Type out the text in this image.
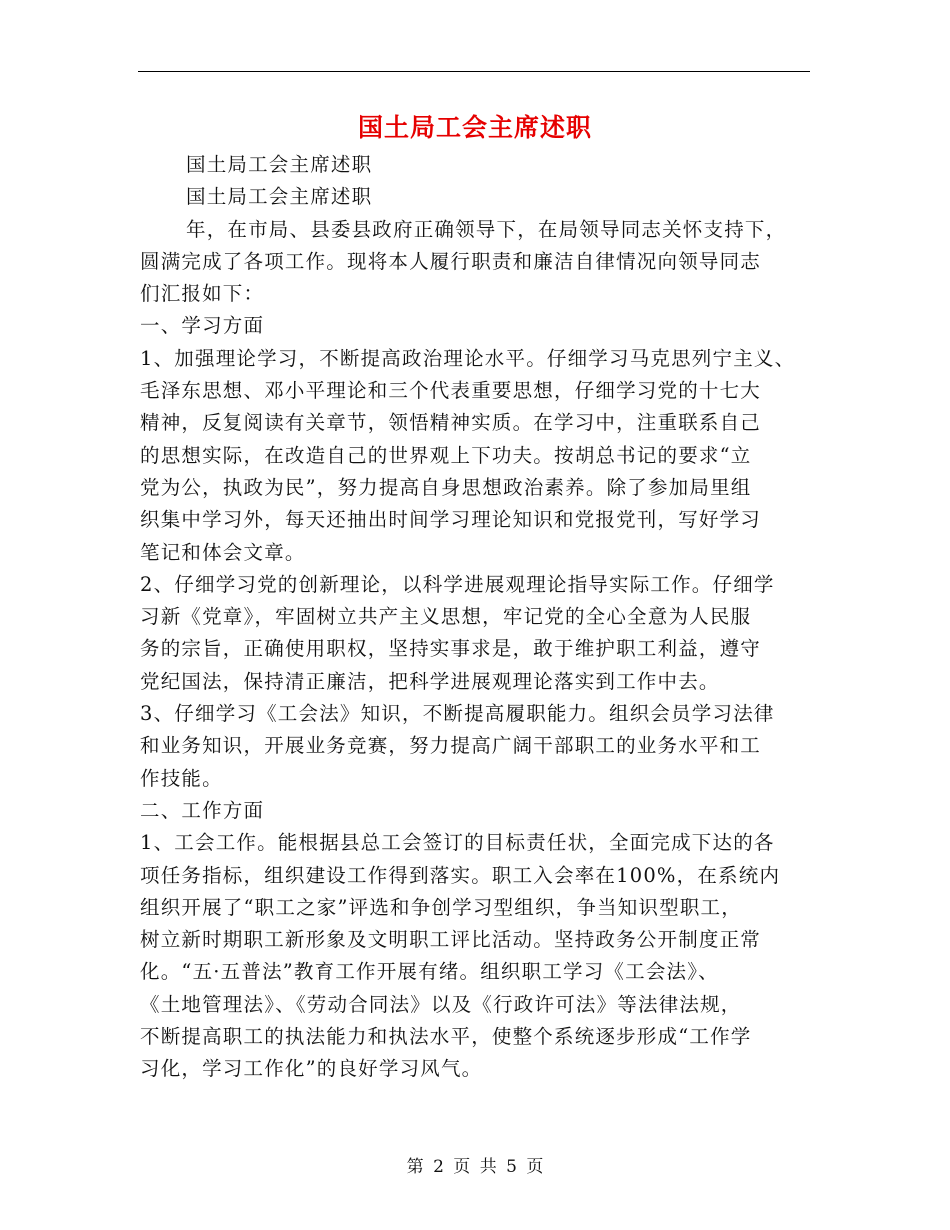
国土局工会主席述职
国土局工会主席述职
国土局工会主席述职
年，在市局、县委县政府正确领导下，在局领导同志关怀支持下，
圆满完成了各项工作。现将本人履行职责和廉洁自律情况向领导同志
们汇报如下：
一、学习方面
1、加强理论学习，不断提高政治理论水平。仔细学习马克思列宁主义、
毛泽东思想、邓小平理论和三个代表重要思想，仔细学习党的十七大
精神，反复阅读有关章节，领悟精神实质。在学习中，注重联系自己
的思想实际，在改造自己的世界观上下功夫。按胡总书记的要求“立
党为公，执政为民”，努力提高自身思想政治素养。除了参加局里组
织集中学习外，每天还抽出时间学习理论知识和党报党刊，写好学习
笔记和体会文章。
2、仔细学习党的创新理论，以科学进展观理论指导实际工作。仔细学
习新《党章》，牢固树立共产主义思想，牢记党的全心全意为人民服
务的宗旨，正确使用职权，坚持实事求是，敢于维护职工利益，遵守
党纪国法，保持清正廉洁，把科学进展观理论落实到工作中去。
3、仔细学习《工会法》知识，不断提高履职能力。组织会员学习法律
和业务知识，开展业务竞赛，努力提高广阔干部职工的业务水平和工
作技能。
二、工作方面
1、工会工作。能根据县总工会签订的目标责任状，全面完成下达的各
项任务指标，组织建设工作得到落实。职工入会率在100%，在系统内
组织开展了“职工之家”评选和争创学习型组织，争当知识型职工，
树立新时期职工新形象及文明职工评比活动。坚持政务公开制度正常
化。“五·五普法”教育工作开展有绪。组织职工学习《工会法》、
《土地管理法》、《劳动合同法》以及《行政许可法》等法律法规，
不断提高职工的执法能力和执法水平，使整个系统逐步形成“工作学
习化，学习工作化”的良好学习风气。
第 2 页 共 5 页
